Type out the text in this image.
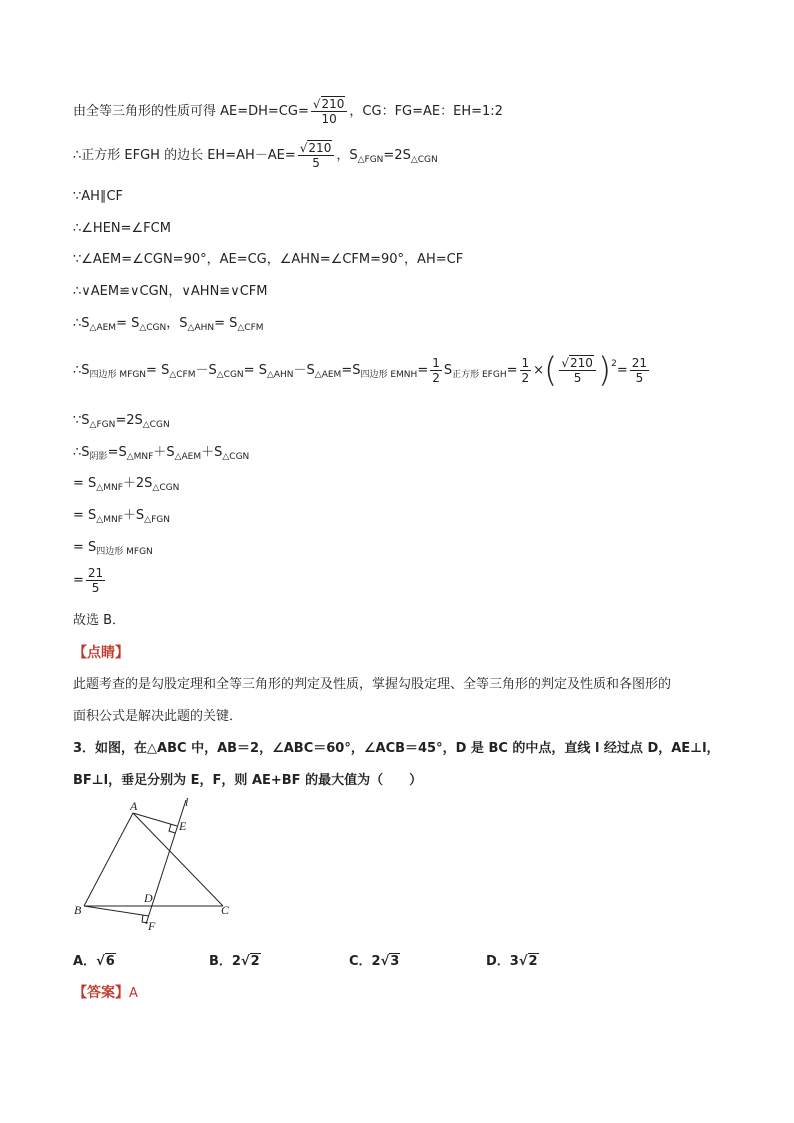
由全等三角形的性质可得 $AE=DH=CG= \frac{√210}{10}$ ，CG：FG=AE：EH=1:2
∴正方形 EFGH 的边长 $EH=AH-AE= \frac{√210}{5}$ ，$S_{\triangle FGN}=2S_{\triangle CGN}$
∵AH∥CF
∴∠HEN=∠FCM
∵∠AEM=∠CGN=90°，AE=CG，∠AHN=∠CFM=90°，AH=CF
∴∨AEM≌∨CGN，∨AHN≌∨CFM
$\therefore S_{\triangle AEM}= S_{\triangle CGN}$，$S_{\triangle AHN}= S_{\triangle CFM}$
$\therefore S_{四边形 MFGN}= S_{\triangle CFM}-S_{\triangle CGN}= S_{\triangle AHN}-S_{\triangle AEM}=S_{四边形 EMNH}= \frac{1}{2} S_{正方形 EFGH}= \frac{1}{2}$ ×( $\frac{√210}{5} )^2= \frac{21}{5}$
$\because S_{\triangle FGN}=2S_{\triangle CGN}$
$\therefore S_{阴影}=S_{\triangle MNF}+S_{\triangle AEM}+S_{\triangle CGN}$
= $S_{\triangle MNF}+2S_{\triangle CGN}$
= $S_{\triangle MNF}+S_{\triangle FGN}$
= $S_{四边形 MFGN}$
= $\frac{21}{5}$
故选 B．
【点睛】
此题考查的是勾股定理和全等三角形的判定及性质，掌握勾股定理、全等三角形的判定及性质和各图形的
面积公式是解决此题的关键．
3．如图，在△ABC 中，AB＝2，∠ABC＝60°，∠ACB＝45°，D 是 BC 的中点，直线 l 经过点 D，AE⊥l，
BF⊥l，垂足分别为 E，F，则 AE+BF 的最大值为（　　）
A	l
E
D
B	C
F
A．√6	B．2√2	C．2√3	D．3√2
【答案】A
